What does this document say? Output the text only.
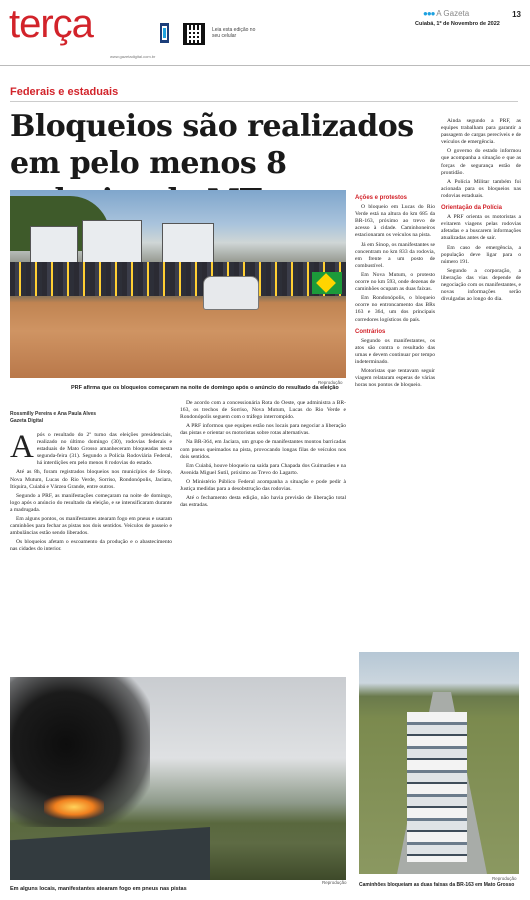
terça
www.gazetadigital.com.br
Leia esta edição no seu celular
●●● A Gazeta	13
Cuiabá, 1º de Novembro de 2022
Federais e estaduais
Bloqueios são realizados em pelo menos 8
Reprodução
PRF afirma que os bloqueios começaram na noite de domingo após o anúncio do resultado da eleição
Rossmilly Pereira e Ana Paula Alves
Gazeta Digital

Após o resultado do 2º turno das eleições presidenciais, realizado no último domingo (30), rodovias federais e estaduais de Mato Grosso amanheceram bloqueadas nesta segunda-feira (31). Segundo a Polícia Rodoviária Federal, há interdições em pelo menos 8 rodovias do estado.

Até as 8h, foram registrados bloqueios nos municípios de Sinop, Nova Mutum, Lucas do Rio Verde, Sorriso, Rondonópolis, Jaciara, Itiquira, Cuiabá e Várzea Grande, entre outros.

Segundo a PRF, as manifestações começaram na noite de domingo, logo após o anúncio do resultado da eleição, e se intensificaram durante a madrugada.

Em alguns pontos, os manifestantes atearam fogo em pneus e usaram caminhões para fechar as pistas nos dois sentidos. Veículos de passeio e ambulâncias estão sendo liberados.

Os bloqueios afetam o escoamento da produção e o abastecimento nas cidades do interior.

De acordo com a concessionária Rota do Oeste, que administra a BR-163, os trechos de Sorriso, Nova Mutum, Lucas do Rio Verde e Rondonópolis seguem com o tráfego interrompido.

A PRF informou que equipes estão nos locais para negociar a liberação das pistas e orientar os motoristas sobre rotas alternativas.

Na BR-364, em Jaciara, um grupo de manifestantes montou barricadas com pneus queimados na pista, provocando longas filas de veículos nos dois sentidos.

Em Cuiabá, houve bloqueio na saída para Chapada dos Guimarães e na Avenida Miguel Sutil, próximo ao Trevo do Lagarto.

O Ministério Público Federal acompanha a situação e pode pedir à Justiça medidas para a desobstrução das rodovias.

Até o fechamento desta edição, não havia previsão de liberação total das estradas.

Ações e protestos

O bloqueio em Lucas do Rio Verde está na altura do km 685 da BR-163, próximo ao trevo de acesso à cidade. Caminhoneiros estacionaram os veículos na pista.

Já em Sinop, os manifestantes se concentram no km 833 da rodovia, em frente a um posto de combustível.

Em Nova Mutum, o protesto ocorre no km 593, onde dezenas de caminhões ocupam as duas faixas.

Em Rondonópolis, o bloqueio ocorre no entroncamento das BRs 163 e 364, um dos principais corredores logísticos do país.

Contrários

Segundo os manifestantes, os atos são contra o resultado das urnas e devem continuar por tempo indeterminado.

Motoristas que tentavam seguir viagem relataram esperas de várias horas nos pontos de bloqueio.

Ainda segundo a PRF, as equipes trabalham para garantir a passagem de cargas perecíveis e de veículos de emergência.

O governo do estado informou que acompanha a situação e que as forças de segurança estão de prontidão.

A Polícia Militar também foi acionada para os bloqueios nas rodovias estaduais.

Orientação da Polícia

A PRF orienta os motoristas a evitarem viagens pelas rodovias afetadas e a buscarem informações atualizadas antes de sair.

Em caso de emergência, a população deve ligar para o número 191.

Segundo a corporação, a liberação das vias depende de negociação com os manifestantes, e novas informações serão divulgadas ao longo do dia.

Reprodução
Em alguns locais, manifestantes atearam fogo em pneus nas pistas
Reprodução
Caminhões bloqueiam as duas faixas da BR-163 em Mato Grosso
